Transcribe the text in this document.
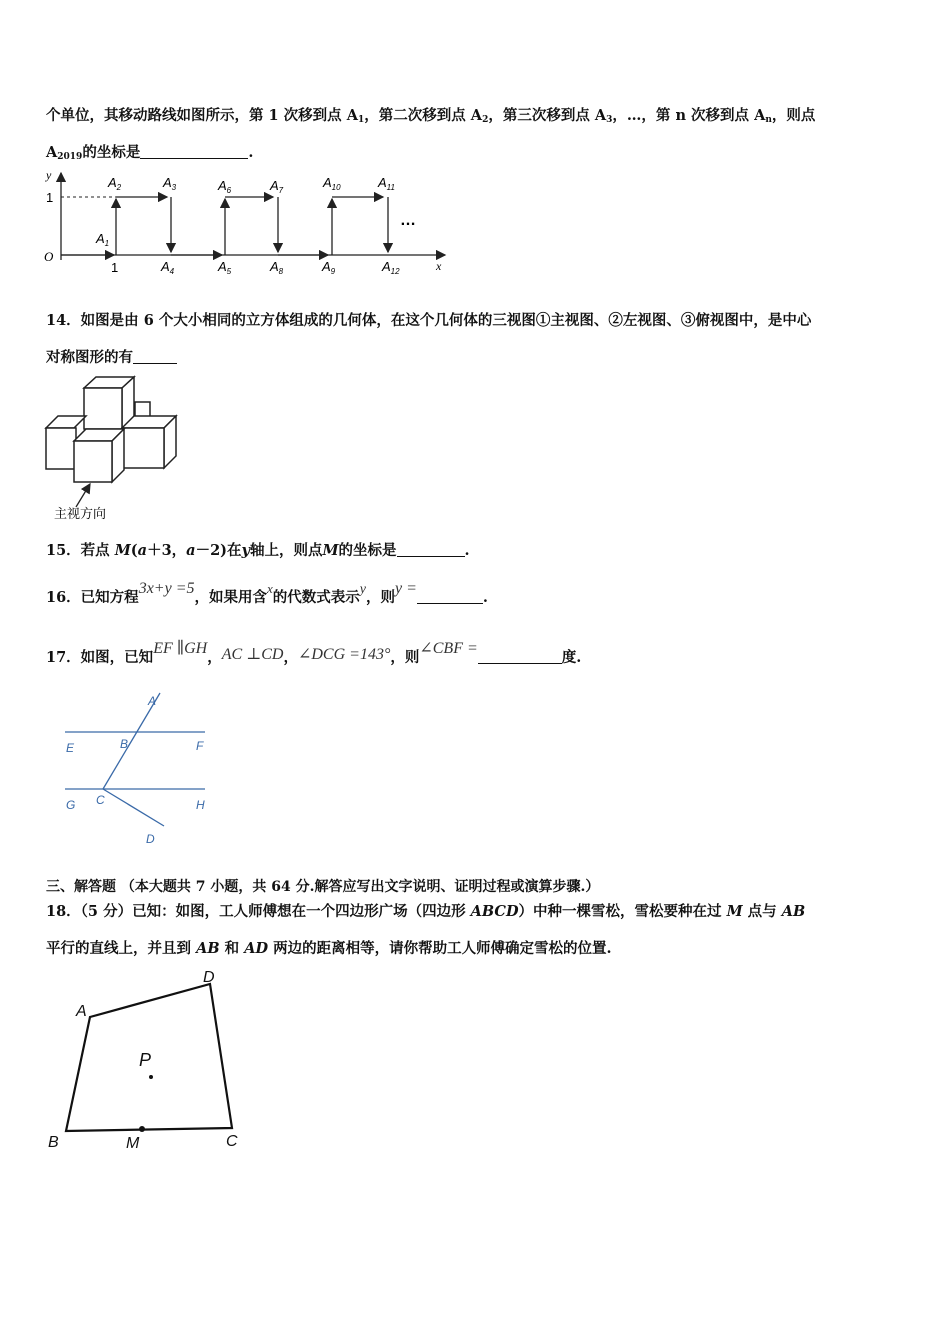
个单位，其移动路线如图所示，第 1 次移到点 $A_1$，第二次移到点 $A_2$，第三次移到点 $A_3$，…，第 n 次移到点 $A_n$，则点
$A_{2019}$的坐标是	.
y
x
O
1
1
…
$A_1$
$A_2$	$A_3$
$A_4$	$A_5$
$A_6$	$A_7$
$A_8$	$A_9$
$A_{10}$	$A_{11}$
$A_{12}$
14．如图是由 6 个大小相同的立方体组成的几何体，在这个几何体的三视图①主视图、②左视图、③俯视图中，是中心
对称图形的有
主视方向
15．若点 M(a＋3，a－2)在y轴上，则点M的坐标是	.
16．已知方程3x+y =5，如果用含x的代数式表示y，则y =.
17．如图，已知EF ∥GH，AC ⊥CD，∠DCG =143°，则∠CBF =度.
A
B
C
D
E	F
G	H
三、解答题 （本大题共 7 小题，共 64 分.解答应写出文字说明、证明过程或演算步骤.）
18．（5 分）已知：如图，工人师傅想在一个四边形广场（四边形 ABCD）中种一棵雪松，雪松要种在过 M 点与 AB
平行的直线上，并且到 AB 和 AD 两边的距离相等，请你帮助工人师傅确定雪松的位置.
A
B	C
D
M
P
